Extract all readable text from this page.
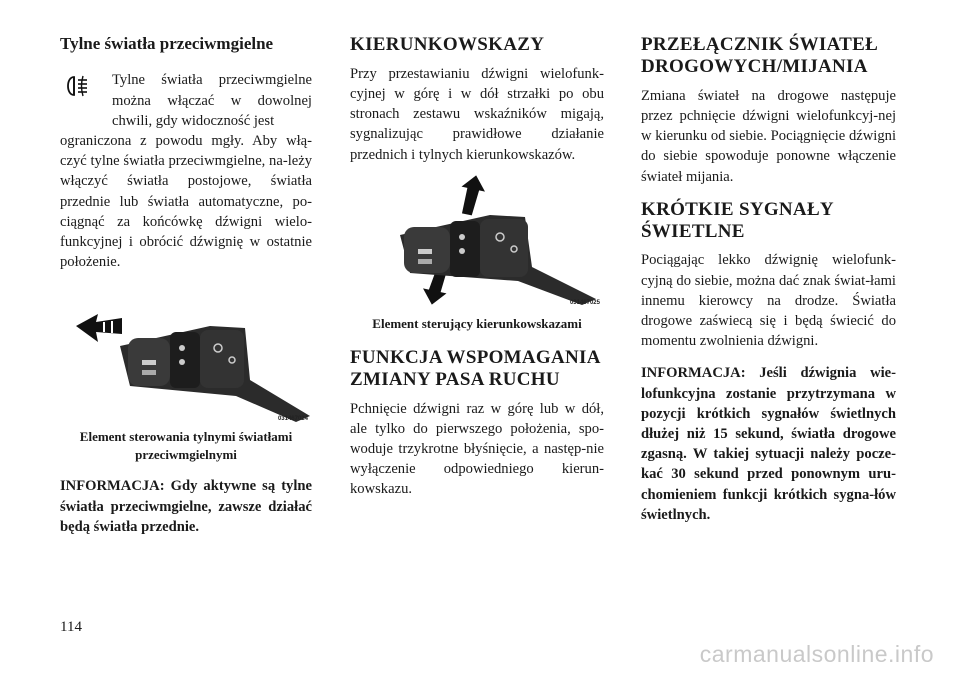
Tylne światła przeciwmgielne

Tylne światła przeciwmgielne można włączać w dowolnej chwili, gdy widoczność jest

ograniczona z powodu mgły. Aby włą-czyć tylne światła przeciwmgielne, na-leży włączyć światła postojowe, światła przednie lub światła automatyczne, po-ciągnąć za końcówkę dźwigni wielo-funkcyjnej i obrócić dźwignię w ostatnie położenie.

031467024
Element sterowania tylnymi światłami przeciwmgielnymi

INFORMACJA: Gdy aktywne są tylne światła przeciwmgielne, zawsze działać będą światła przednie.

KIERUNKOWSKAZY

Przy przestawianiu dźwigni wielofunk-cyjnej w górę i w dół strzałki po obu stronach zestawu wskaźników migają, sygnalizując prawidłowe działanie przednich i tylnych kierunkowskazów.

031467025
Element sterujący kierunkowskazami
FUNKCJA WSPOMAGANIA ZMIANY PASA RUCHU

Pchnięcie dźwigni raz w górę lub w dół, ale tylko do pierwszego położenia, spo-woduje trzykrotne błyśnięcie, a następ-nie wyłączenie odpowiedniego kierun-kowskazu.

PRZEŁĄCZNIK ŚWIATEŁ DROGOWYCH/MIJANIA

Zmiana świateł na drogowe następuje przez pchnięcie dźwigni wielofunkcyj-nej w kierunku od siebie. Pociągnięcie dźwigni do siebie spowoduje ponowne włączenie świateł mijania.

KRÓTKIE SYGNAŁY ŚWIETLNE

Pociągając lekko dźwignię wielofunk-cyjną do siebie, można dać znak świat-łami innemu kierowcy na drodze. Światła drogowe zaświecą się i będą świecić do momentu zwolnienia dźwigni.

INFORMACJA: Jeśli dźwignia wie-lofunkcyjna zostanie przytrzymana w pozycji krótkich sygnałów świetlnych dłużej niż 15 sekund, światła drogowe zgasną. W takiej sytuacji należy pocze-kać 30 sekund przed ponownym uru-chomieniem funkcji krótkich sygna-łów świetlnych.

114
carmanualsonline.info
